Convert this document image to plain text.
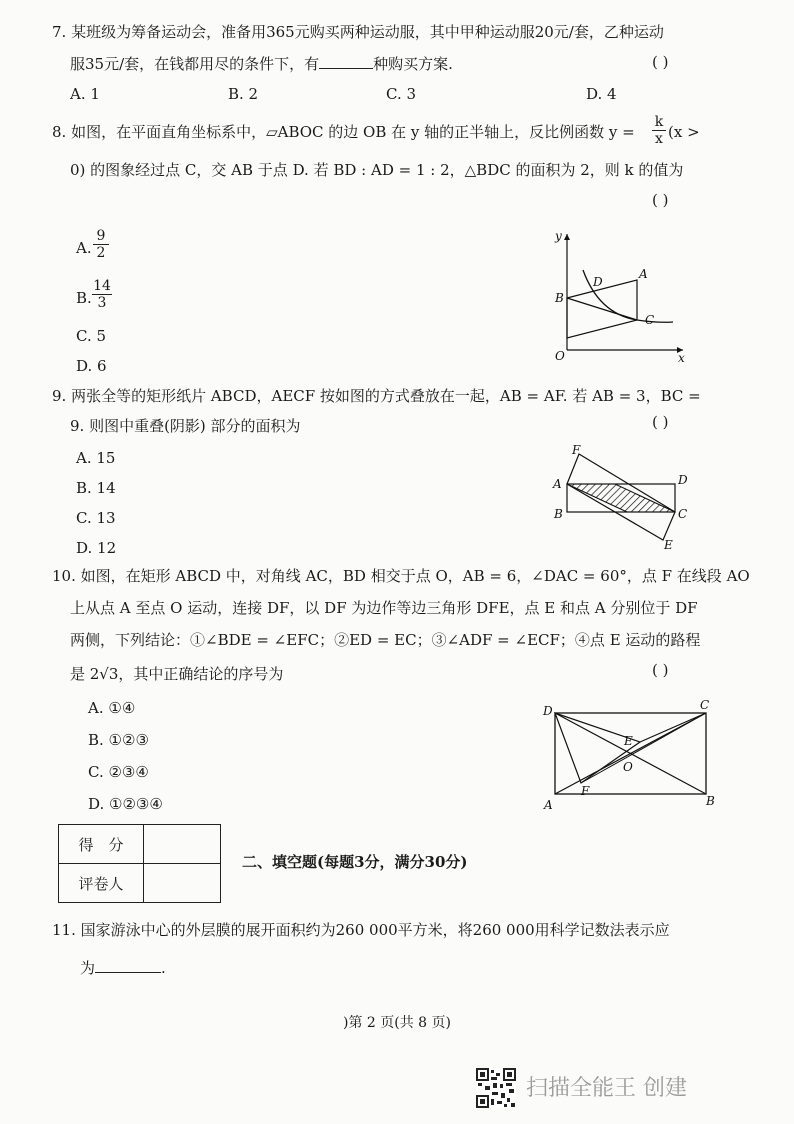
7. 某班级为筹备运动会，准备用365元购买两种运动服，其中甲种运动服20元/套，乙种运动
服35元/套，在钱都用尽的条件下，有	种购买方案.	( )
A. 1	B. 2	C. 3	D. 4
8. 如图，在平面直角坐标系中，▱ABOC 的边 OB 在 y 轴的正半轴上，反比例函数 $y = \frac{k}{x} (x$ >
0) 的图象经过点 C，交 AB 于点 D. 若 BD : AD = 1 : 2，△BDC 的面积为 2，则 k 的值为
( )
A. $\frac{9}{2}$
B. $\frac{14}{3}$
C. 5
D. 6
y
x
O
B
D
A
C
9. 两张全等的矩形纸片 ABCD，AECF 按如图的方式叠放在一起，AB = AF. 若 AB = 3，BC =
9. 则图中重叠(阴影) 部分的面积为	( )
A. 15
B. 14
C. 13
D. 12
F
A	D
B	C
E
10. 如图，在矩形 ABCD 中，对角线 AC，BD 相交于点 O，AB = 6，∠DAC = 60°，点 F 在线段 AO
上从点 A 至点 O 运动，连接 DF，以 DF 为边作等边三角形 DFE，点 E 和点 A 分别位于 DF
两侧，下列结论：①∠BDE = ∠EFC；②ED = EC；③∠ADF = ∠ECF；④点 E 运动的路程
是 2√3，其中正确结论的序号为	( )
A. ①④
B. ①②③
C. ②③④
D. ①②③④
D	C
E
O
F
A	B
得　分	
评卷人	
二、填空题(每题3分，满分30分)
11. 国家游泳中心的外层膜的展开面积约为260 000平方米，将260 000用科学记数法表示应
为	.
)第 2 页(共 8 页)
扫描全能王 创建
